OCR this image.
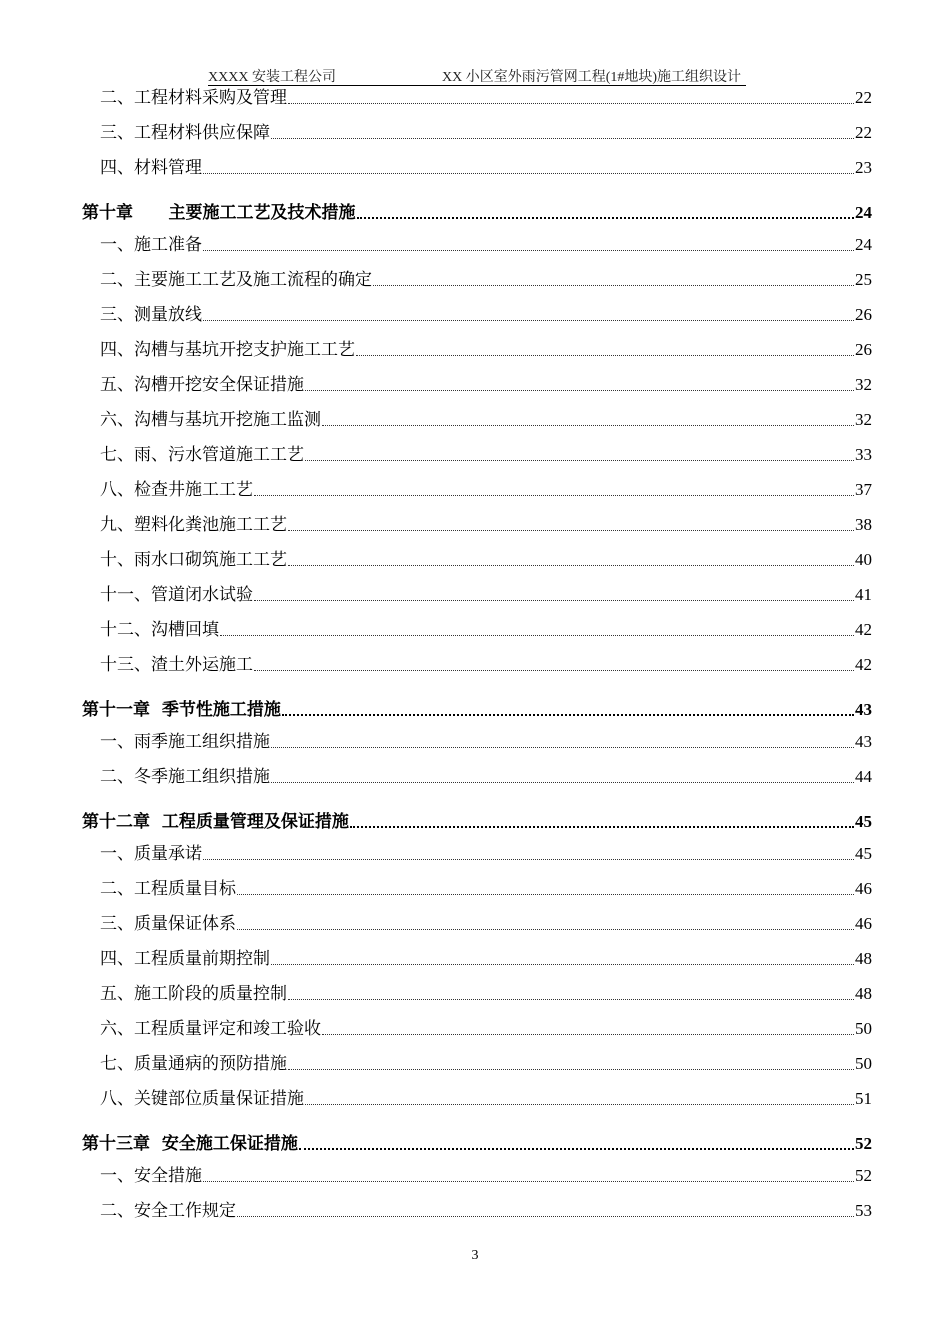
XXXX 安装工程公司	XX 小区室外雨污管网工程(1#地块)施工组织设计
二、工程材料采购及管理	22
三、工程材料供应保障	22
四、材料管理	23
第十章      主要施工工艺及技术措施	24
一、施工准备	24
二、主要施工工艺及施工流程的确定	25
三、测量放线	26
四、沟槽与基坑开挖支护施工工艺	26
五、沟槽开挖安全保证措施	32
六、沟槽与基坑开挖施工监测	32
七、雨、污水管道施工工艺	33
八、检查井施工工艺	37
九、塑料化粪池施工工艺	38
十、雨水口砌筑施工工艺	40
十一、管道闭水试验	41
十二、沟槽回填	42
十三、渣土外运施工	42
第十一章  季节性施工措施	43
一、雨季施工组织措施	43
二、冬季施工组织措施	44
第十二章  工程质量管理及保证措施	45
一、质量承诺	45
二、工程质量目标	46
三、质量保证体系	46
四、工程质量前期控制	48
五、施工阶段的质量控制	48
六、工程质量评定和竣工验收	50
七、质量通病的预防措施	50
八、关键部位质量保证措施	51
第十三章  安全施工保证措施	52
一、安全措施	52
二、安全工作规定	53
3
